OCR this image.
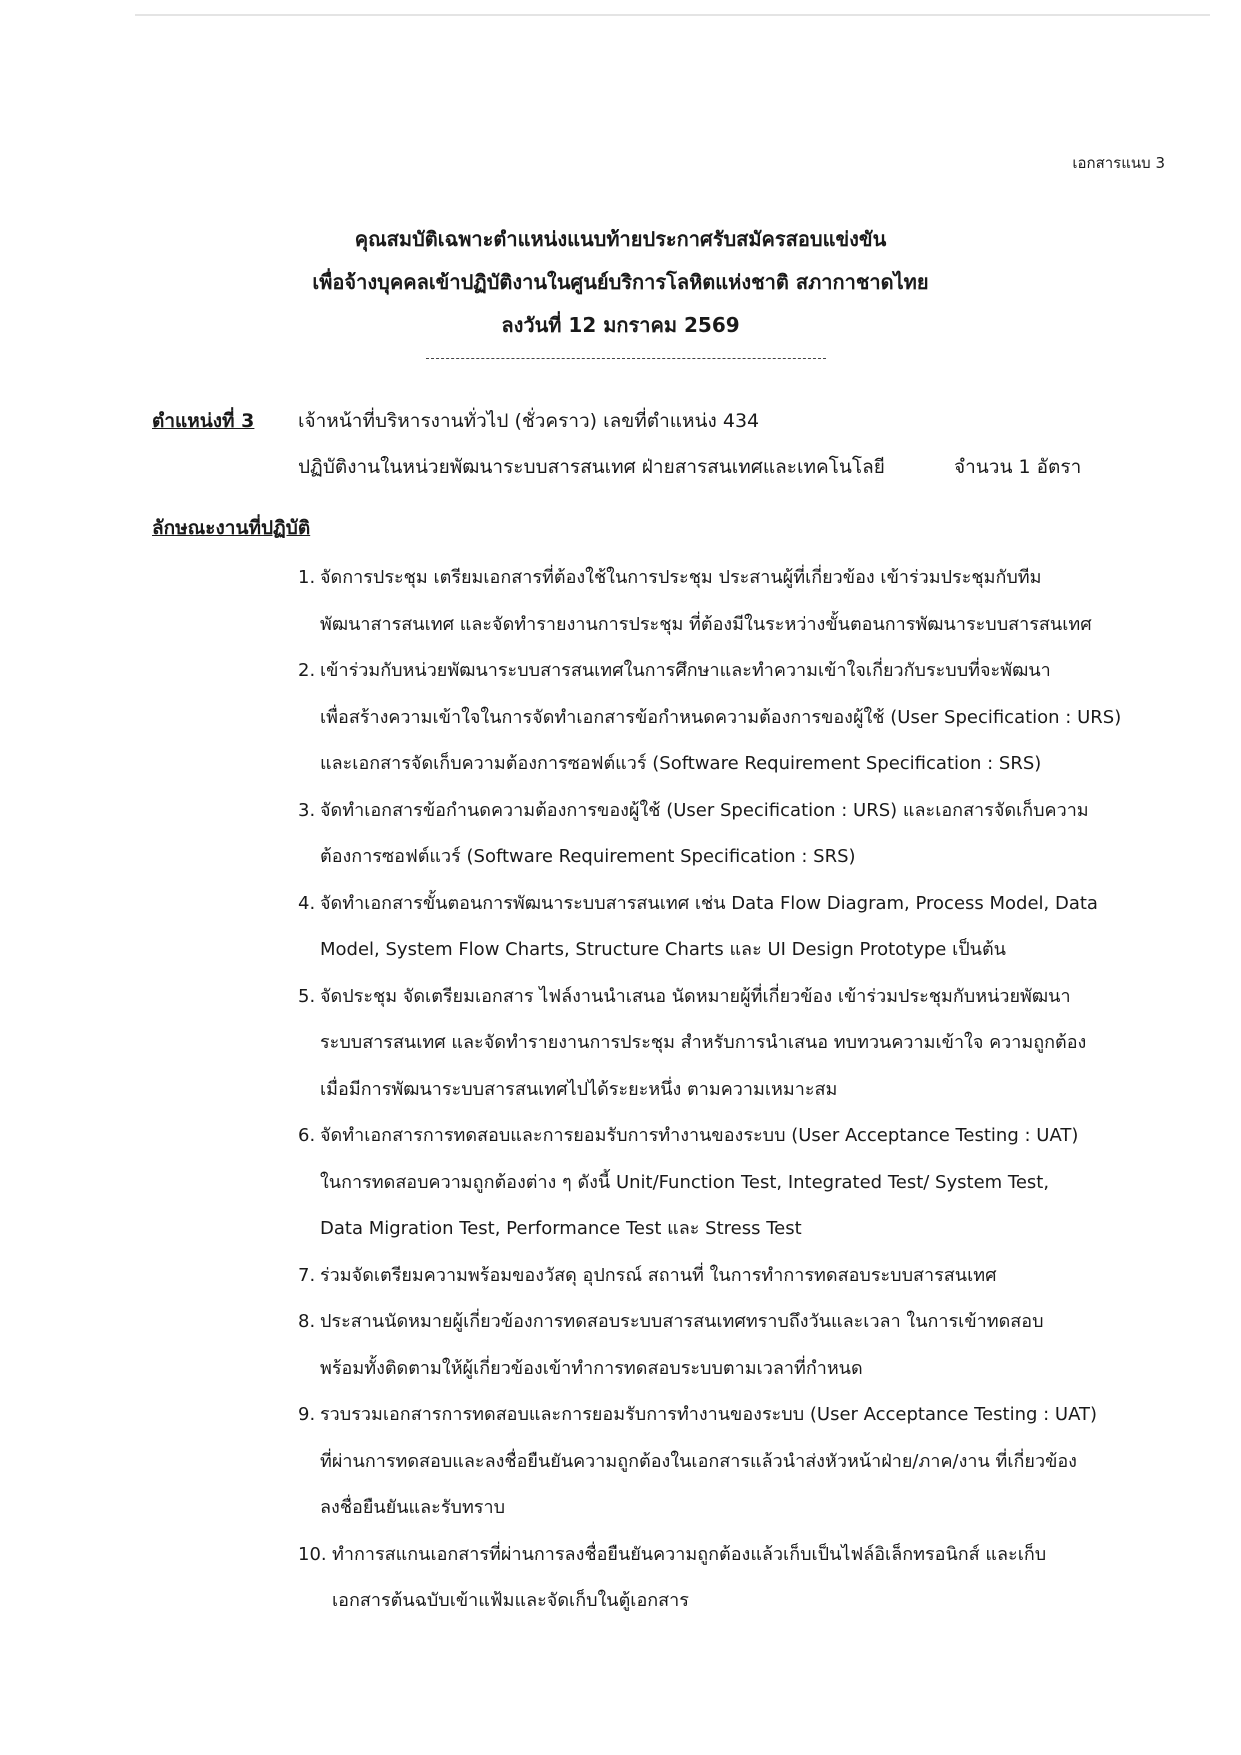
เอกสารแนบ 3
คุณสมบัติเฉพาะตำแหน่งแนบท้ายประกาศรับสมัครสอบแข่งขัน
เพื่อจ้างบุคคลเข้าปฏิบัติงานในศูนย์บริการโลหิตแห่งชาติ สภากาชาดไทย
ลงวันที่ 12 มกราคม 2569
ตำแหน่งที่ 3 เจ้าหน้าที่บริหารงานทั่วไป (ชั่วคราว) เลขที่ตำแหน่ง 434
ปฏิบัติงานในหน่วยพัฒนาระบบสารสนเทศ ฝ่ายสารสนเทศและเทคโนโลยี	จำนวน 1 อัตรา
ลักษณะงานที่ปฏิบัติ
1. จัดการประชุม เตรียมเอกสารที่ต้องใช้ในการประชุม ประสานผู้ที่เกี่ยวข้อง เข้าร่วมประชุมกับทีม
พัฒนาสารสนเทศ และจัดทำรายงานการประชุม ที่ต้องมีในระหว่างขั้นตอนการพัฒนาระบบสารสนเทศ
2. เข้าร่วมกับหน่วยพัฒนาระบบสารสนเทศในการศึกษาและทำความเข้าใจเกี่ยวกับระบบที่จะพัฒนา
เพื่อสร้างความเข้าใจในการจัดทำเอกสารข้อกำหนดความต้องการของผู้ใช้ (User Specification : URS)
และเอกสารจัดเก็บความต้องการซอฟต์แวร์ (Software Requirement Specification : SRS)
3. จัดทำเอกสารข้อกำนดความต้องการของผู้ใช้ (User Specification : URS) และเอกสารจัดเก็บความ
ต้องการซอฟต์แวร์ (Software Requirement Specification : SRS)
4. จัดทำเอกสารขั้นตอนการพัฒนาระบบสารสนเทศ เช่น Data Flow Diagram, Process Model, Data
Model, System Flow Charts, Structure Charts และ UI Design Prototype เป็นต้น
5. จัดประชุม จัดเตรียมเอกสาร ไฟล์งานนำเสนอ นัดหมายผู้ที่เกี่ยวข้อง เข้าร่วมประชุมกับหน่วยพัฒนา
ระบบสารสนเทศ และจัดทำรายงานการประชุม สำหรับการนำเสนอ ทบทวนความเข้าใจ ความถูกต้อง
เมื่อมีการพัฒนาระบบสารสนเทศไปได้ระยะหนึ่ง ตามความเหมาะสม
6. จัดทำเอกสารการทดสอบและการยอมรับการทำงานของระบบ (User Acceptance Testing : UAT)
ในการทดสอบความถูกต้องต่าง ๆ ดังนี้ Unit/Function Test, Integrated Test/ System Test,
Data Migration Test, Performance Test และ Stress Test
7. ร่วมจัดเตรียมความพร้อมของวัสดุ อุปกรณ์ สถานที่ ในการทำการทดสอบระบบสารสนเทศ
8. ประสานนัดหมายผู้เกี่ยวข้องการทดสอบระบบสารสนเทศทราบถึงวันและเวลา ในการเข้าทดสอบ
พร้อมทั้งติดตามให้ผู้เกี่ยวข้องเข้าทำการทดสอบระบบตามเวลาที่กำหนด
9. รวบรวมเอกสารการทดสอบและการยอมรับการทำงานของระบบ (User Acceptance Testing : UAT)
ที่ผ่านการทดสอบและลงชื่อยืนยันความถูกต้องในเอกสารแล้วนำส่งหัวหน้าฝ่าย/ภาค/งาน ที่เกี่ยวข้อง
ลงชื่อยืนยันและรับทราบ
10. ทำการสแกนเอกสารที่ผ่านการลงชื่อยืนยันความถูกต้องแล้วเก็บเป็นไฟล์อิเล็กทรอนิกส์ และเก็บ
เอกสารต้นฉบับเข้าแฟ้มและจัดเก็บในตู้เอกสาร
